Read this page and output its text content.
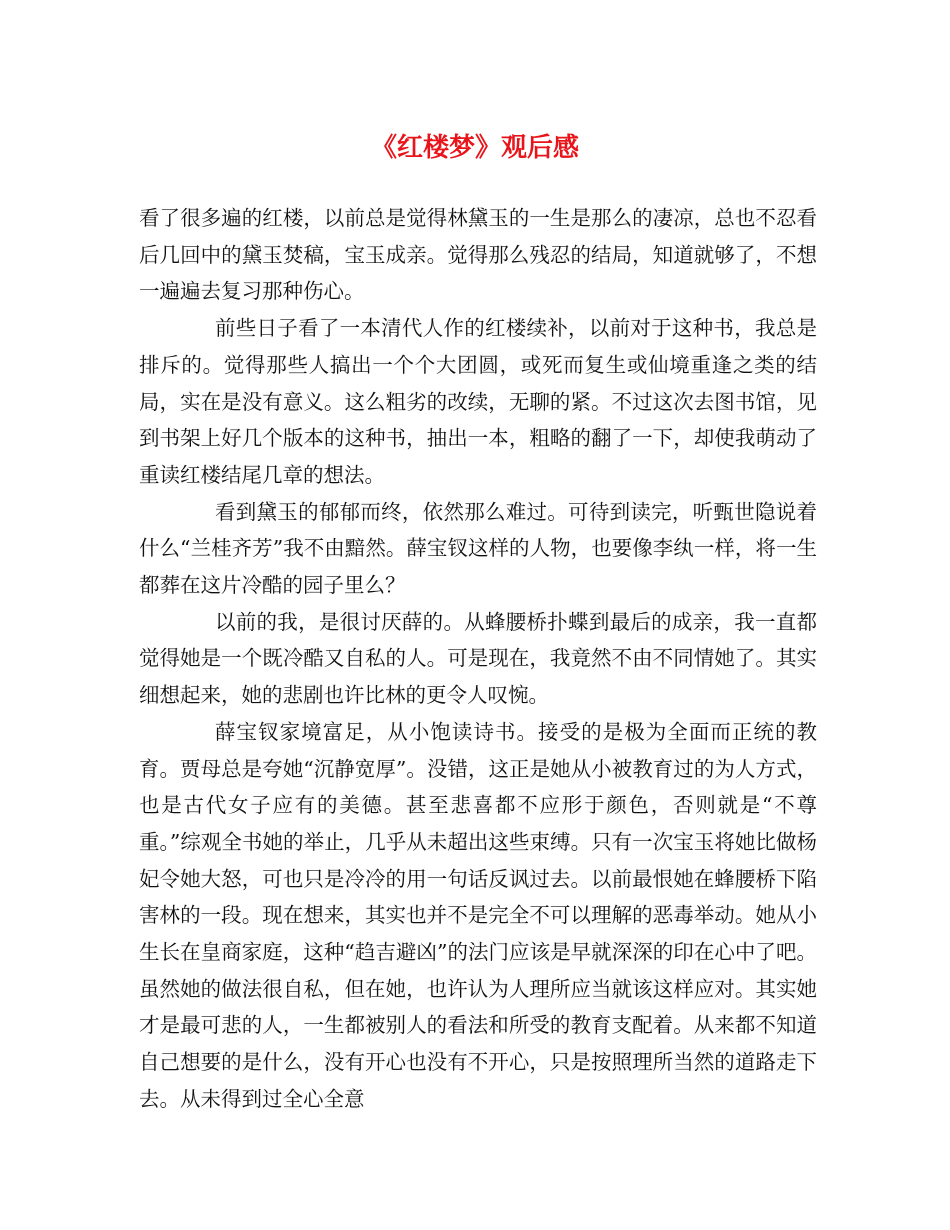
《红楼梦》观后感

看了很多遍的红楼，以前总是觉得林黛玉的一生是那么的凄凉，总也不忍看后几回中的黛玉焚稿，宝玉成亲。觉得那么残忍的结局，知道就够了，不想一遍遍去复习那种伤心。

前些日子看了一本清代人作的红楼续补，以前对于这种书，我总是排斥的。觉得那些人搞出一个个大团圆，或死而复生或仙境重逢之类的结局，实在是没有意义。这么粗劣的改续，无聊的紧。不过这次去图书馆，见到书架上好几个版本的这种书，抽出一本，粗略的翻了一下，却使我萌动了重读红楼结尾几章的想法。

看到黛玉的郁郁而终，依然那么难过。可待到读完，听甄世隐说着什么“兰桂齐芳”我不由黯然。薛宝钗这样的人物，也要像李纨一样，将一生都葬在这片冷酷的园子里么？

以前的我，是很讨厌薛的。从蜂腰桥扑蝶到最后的成亲，我一直都觉得她是一个既冷酷又自私的人。可是现在，我竟然不由不同情她了。其实细想起来，她的悲剧也许比林的更令人叹惋。

薛宝钗家境富足，从小饱读诗书。接受的是极为全面而正统的教育。贾母总是夸她“沉静宽厚”。没错，这正是她从小被教育过的为人方式，也是古代女子应有的美德。甚至悲喜都不应形于颜色，否则就是“不尊重。”综观全书她的举止，几乎从未超出这些束缚。只有一次宝玉将她比做杨妃令她大怒，可也只是冷冷的用一句话反讽过去。以前最恨她在蜂腰桥下陷害林的一段。现在想来，其实也并不是完全不可以理解的恶毒举动。她从小生长在皇商家庭，这种“趋吉避凶”的法门应该是早就深深的印在心中了吧。虽然她的做法很自私，但在她，也许认为人理所应当就该这样应对。其实她才是最可悲的人，一生都被别人的看法和所受的教育支配着。从来都不知道自己想要的是什么，没有开心也没有不开心，只是按照理所当然的道路走下去。从未得到过全心全意
